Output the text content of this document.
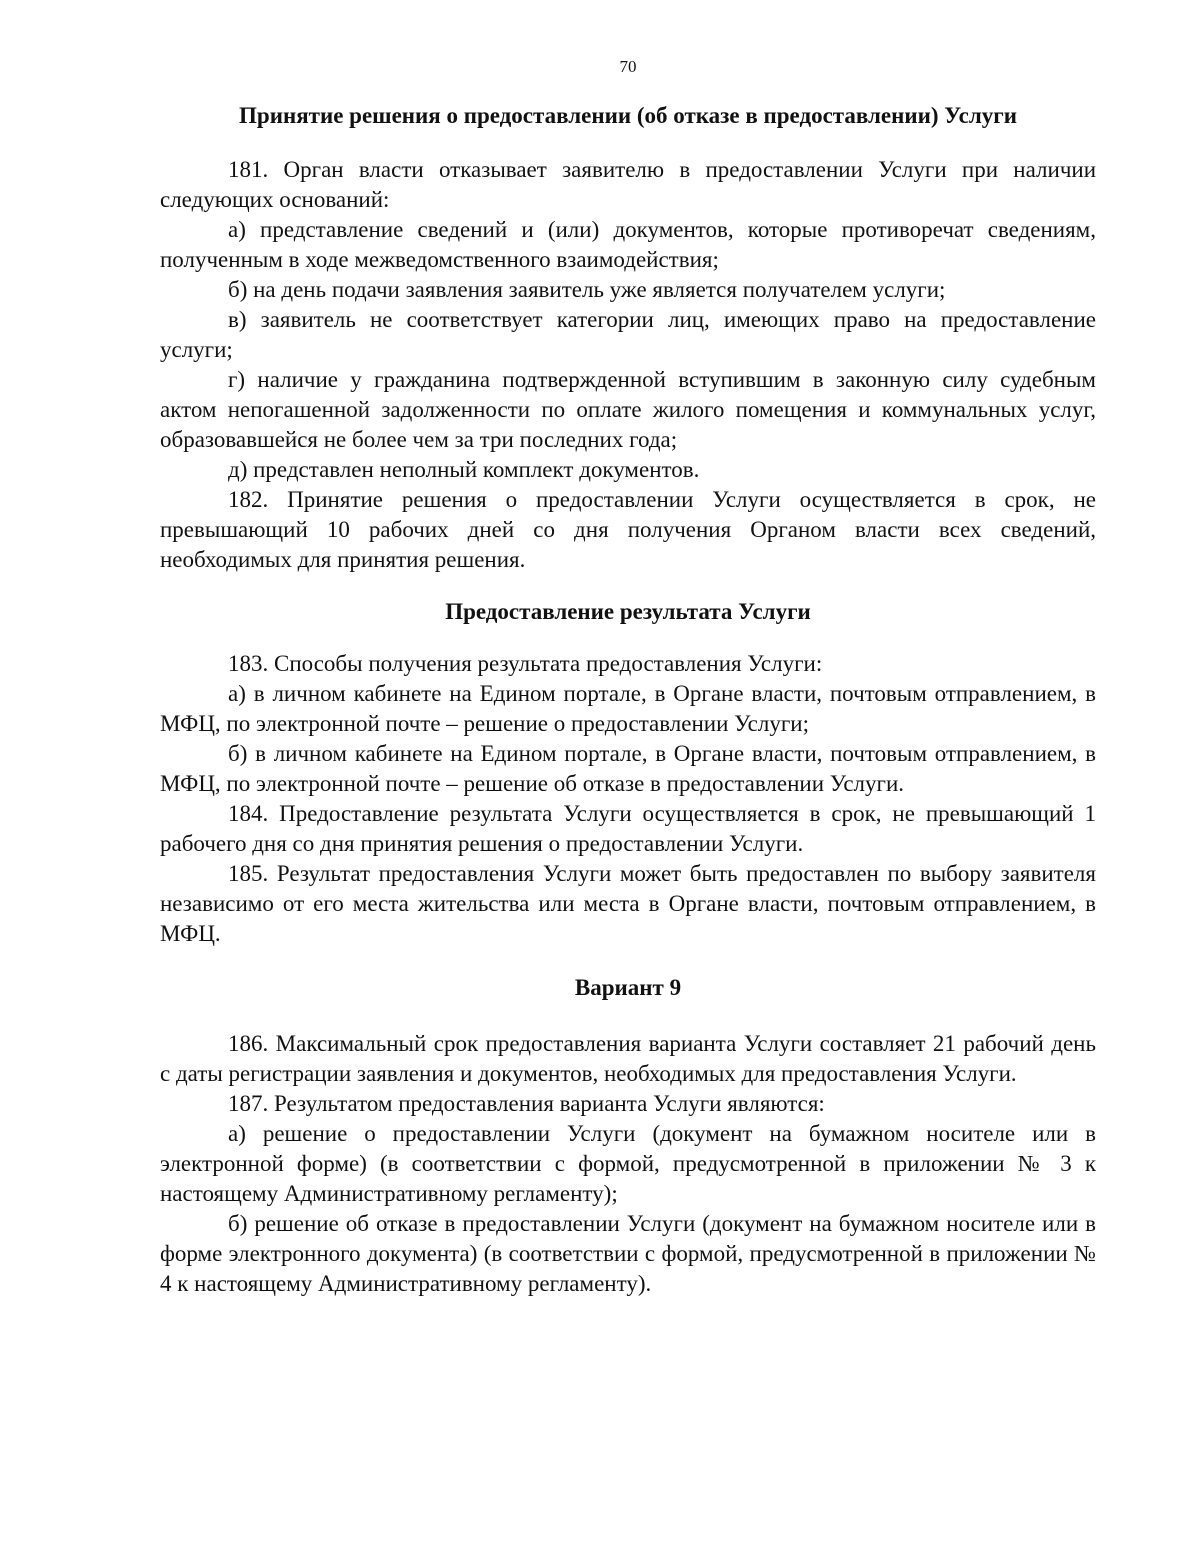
70
Принятие решения о предоставлении (об отказе в предоставлении) Услуги

181. Орган власти отказывает заявителю в предоставлении Услуги при наличии следующих оснований:

а) представление сведений и (или) документов, которые противоречат сведениям, полученным в ходе межведомственного взаимодействия;

б) на день подачи заявления заявитель уже является получателем услуги;

в) заявитель не соответствует категории лиц, имеющих право на предоставление услуги;

г) наличие у гражданина подтвержденной вступившим в законную силу судебным актом непогашенной задолженности по оплате жилого помещения и коммунальных услуг, образовавшейся не более чем за три последних года;

д) представлен неполный комплект документов.

182. Принятие решения о предоставлении Услуги осуществляется в срок, не превышающий 10 рабочих дней со дня получения Органом власти всех сведений, необходимых для принятия решения.

Предоставление результата Услуги

183. Способы получения результата предоставления Услуги:

а) в личном кабинете на Едином портале, в Органе власти, почтовым отправлением, в МФЦ, по электронной почте – решение о предоставлении Услуги;

б) в личном кабинете на Едином портале, в Органе власти, почтовым отправлением, в МФЦ, по электронной почте – решение об отказе в предоставлении Услуги.

184. Предоставление результата Услуги осуществляется в срок, не превышающий 1 рабочего дня со дня принятия решения о предоставлении Услуги.

185. Результат предоставления Услуги может быть предоставлен по выбору заявителя независимо от его места жительства или места в Органе власти, почтовым отправлением, в МФЦ.

Вариант 9

186. Максимальный срок предоставления варианта Услуги составляет 21 рабочий день с даты регистрации заявления и документов, необходимых для предоставления Услуги.

187. Результатом предоставления варианта Услуги являются:

а) решение о предоставлении Услуги (документ на бумажном носителе или в электронной форме) (в соответствии с формой, предусмотренной в приложении № 3 к настоящему Административному регламенту);

б) решение об отказе в предоставлении Услуги (документ на бумажном носителе или в форме электронного документа) (в соответствии с формой, предусмотренной в приложении № 4 к настоящему Административному регламенту).
